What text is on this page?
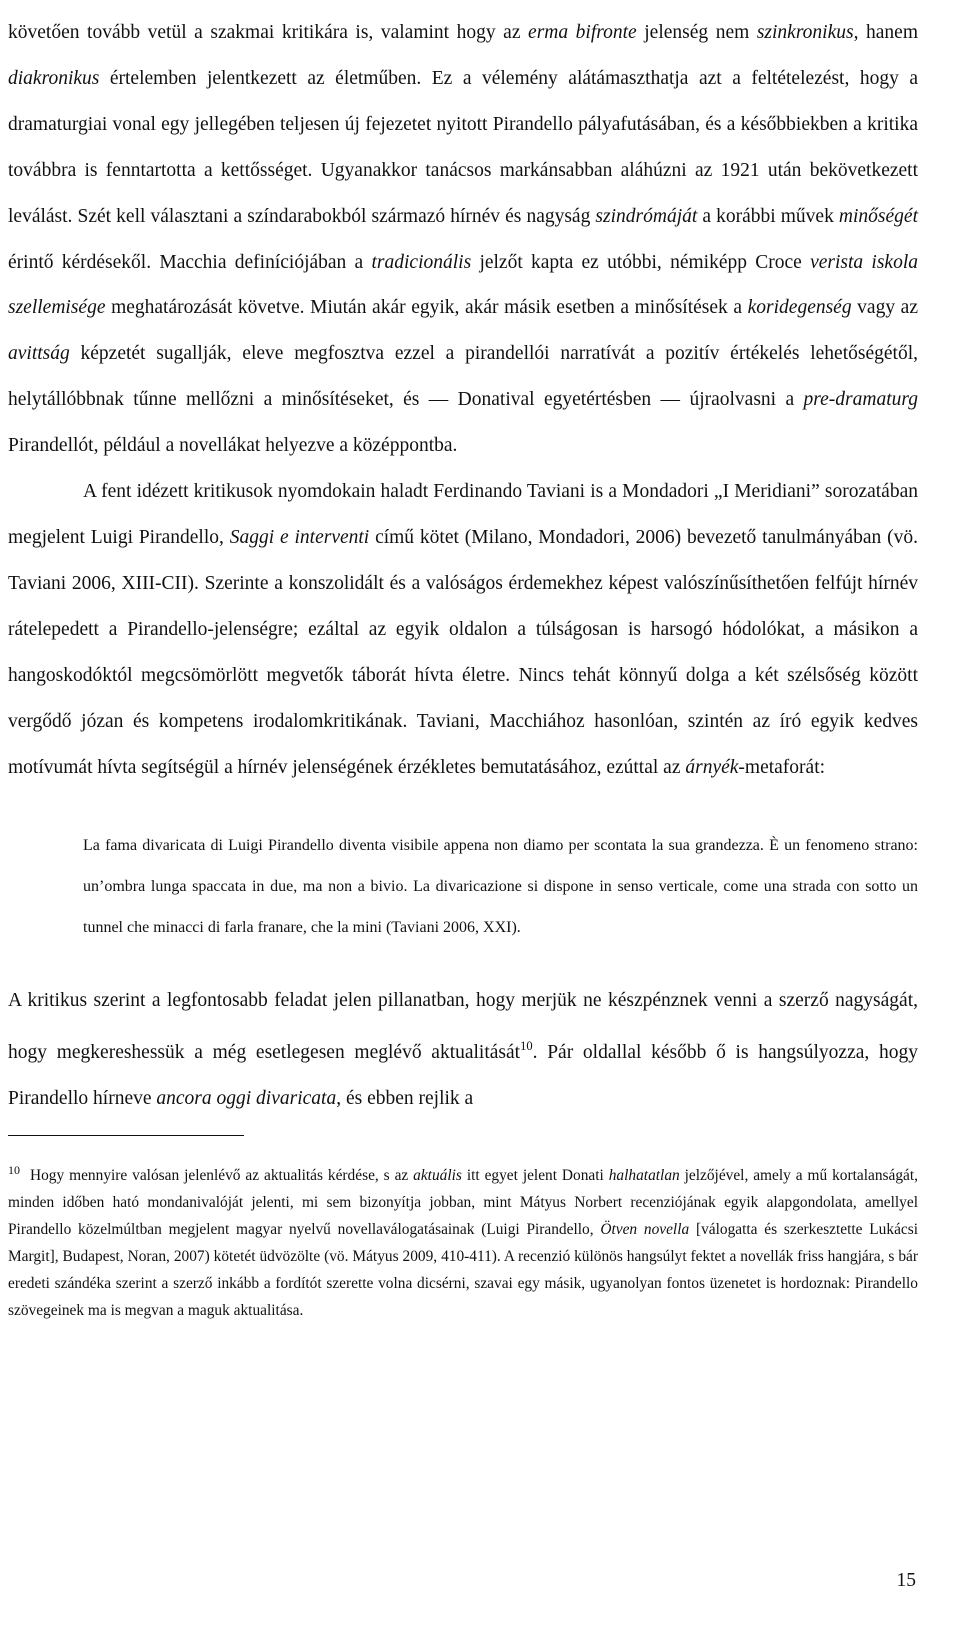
követően tovább vetül a szakmai kritikára is, valamint hogy az erma bifronte jelenség nem szinkronikus, hanem diakronikus értelemben jelentkezett az életműben. Ez a vélemény alátámaszthatja azt a feltételezést, hogy a dramaturgiai vonal egy jellegében teljesen új fejezetet nyitott Pirandello pályafutásában, és a későbbiekben a kritika továbbra is fenntartotta a kettősséget. Ugyanakkor tanácsos markánsabban aláhúzni az 1921 után bekövetkezett leválást. Szét kell választani a színdarabokból származó hírnév és nagyság szindrómáját a korábbi művek minőségét érintő kérdésekől. Macchia definíciójában a tradicionális jelzőt kapta ez utóbbi, némiképp Croce verista iskola szellemisége meghatározását követve. Miután akár egyik, akár másik esetben a minősítések a koridegenség vagy az avittság képzetét sugallják, eleve megfosztva ezzel a pirandellói narratívát a pozitív értékelés lehetőségétől, helytállóbbnak tűnne mellőzni a minősítéseket, és — Donatival egyetértésben — újraolvasni a pre-dramaturg Pirandellót, például a novellákat helyezve a középpontba.

A fent idézett kritikusok nyomdokain haladt Ferdinando Taviani is a Mondadori „I Meridiani” sorozatában megjelent Luigi Pirandello, Saggi e interventi című kötet (Milano, Mondadori, 2006) bevezető tanulmányában (vö. Taviani 2006, XIII-CII). Szerinte a konszolidált és a valóságos érdemekhez képest valószínűsíthetően felfújt hírnév rátelepedett a Pirandello-jelenségre; ezáltal az egyik oldalon a túlságosan is harsogó hódolókat, a másikon a hangoskodóktól megcsömörlött megvetők táborát hívta életre. Nincs tehát könnyű dolga a két szélsőség között vergődő józan és kompetens irodalomkritikának. Taviani, Macchiához hasonlóan, szintén az író egyik kedves motívumát hívta segítségül a hírnév jelenségének érzékletes bemutatásához, ezúttal az árnyék-metaforát:

La fama divaricata di Luigi Pirandello diventa visibile appena non diamo per scontata la sua grandezza. È un fenomeno strano: un’ombra lunga spaccata in due, ma non a bivio. La divaricazione si dispone in senso verticale, come una strada con sotto un tunnel che minacci di farla franare, che la mini (Taviani 2006, XXI).

A kritikus szerint a legfontosabb feladat jelen pillanatban, hogy merjük ne készpénznek venni a szerző nagyságát, hogy megkereshessük a még esetlegesen meglévő aktualitását$^{10}$. Pár oldallal később ő is hangsúlyozza, hogy Pirandello hírneve ancora oggi divaricata, és ebben rejlik a

$^{10}$ Hogy mennyire valósan jelenlévő az aktualitás kérdése, s az aktuális itt egyet jelent Donati halhatatlan jelzőjével, amely a mű kortalanságát, minden időben ható mondanivalóját jelenti, mi sem bizonyítja jobban, mint Mátyus Norbert recenziójának egyik alapgondolata, amellyel Pirandello közelmúltban megjelent magyar nyelvű novellaválogatásainak (Luigi Pirandello, Ötven novella [válogatta és szerkesztette Lukácsi Margit], Budapest, Noran, 2007) kötetét üdvözölte (vö. Mátyus 2009, 410-411). A recenzió különös hangsúlyt fektet a novellák friss hangjára, s bár eredeti szándéka szerint a szerző inkább a fordítót szerette volna dicsérni, szavai egy másik, ugyanolyan fontos üzenetet is hordoznak: Pirandello szövegeinek ma is megvan a maguk aktualitása.

15
